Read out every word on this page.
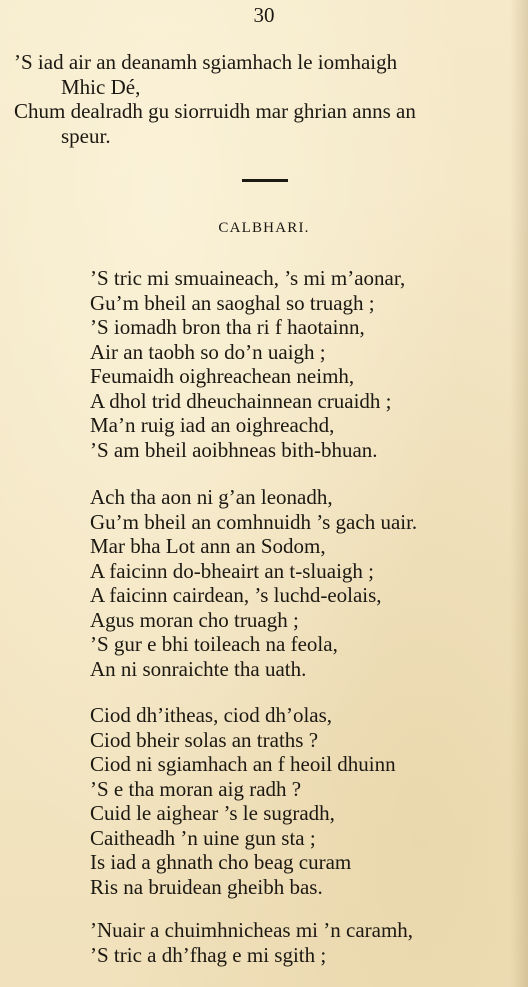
30
’S iad air an deanamh sgiamhach le iomhaigh
Mhic Dé,
Chum dealradh gu siorruidh mar ghrian anns an
speur.
CALBHARI.
’S tric mi smuaineach, ’s mi m’aonar,
Gu’m bheil an saoghal so truagh ;
’S iomadh bron tha ri f haotainn,
Air an taobh so do’n uaigh ;
Feumaidh oighreachean neimh,
A dhol trid dheuchainnean cruaidh ;
Ma’n ruig iad an oighreachd,
’S am bheil aoibhneas bith-bhuan.
Ach tha aon ni g’an leonadh,
Gu’m bheil an comhnuidh ’s gach uair.
Mar bha Lot ann an Sodom,
A faicinn do-bheairt an t-sluaigh ;
A faicinn cairdean, ’s luchd-eolais,
Agus moran cho truagh ;
’S gur e bhi toileach na feola,
An ni sonraichte tha uath.
Ciod dh’itheas, ciod dh’olas,
Ciod bheir solas an traths ?
Ciod ni sgiamhach an f heoil dhuinn
’S e tha moran aig radh ?
Cuid le aighear ’s le sugradh,
Caitheadh ’n uine gun sta ;
Is iad a ghnath cho beag curam
Ris na bruidean gheibh bas.
’Nuair a chuimhnicheas mi ’n caramh,
’S tric a dh’fhag e mi sgith ;
